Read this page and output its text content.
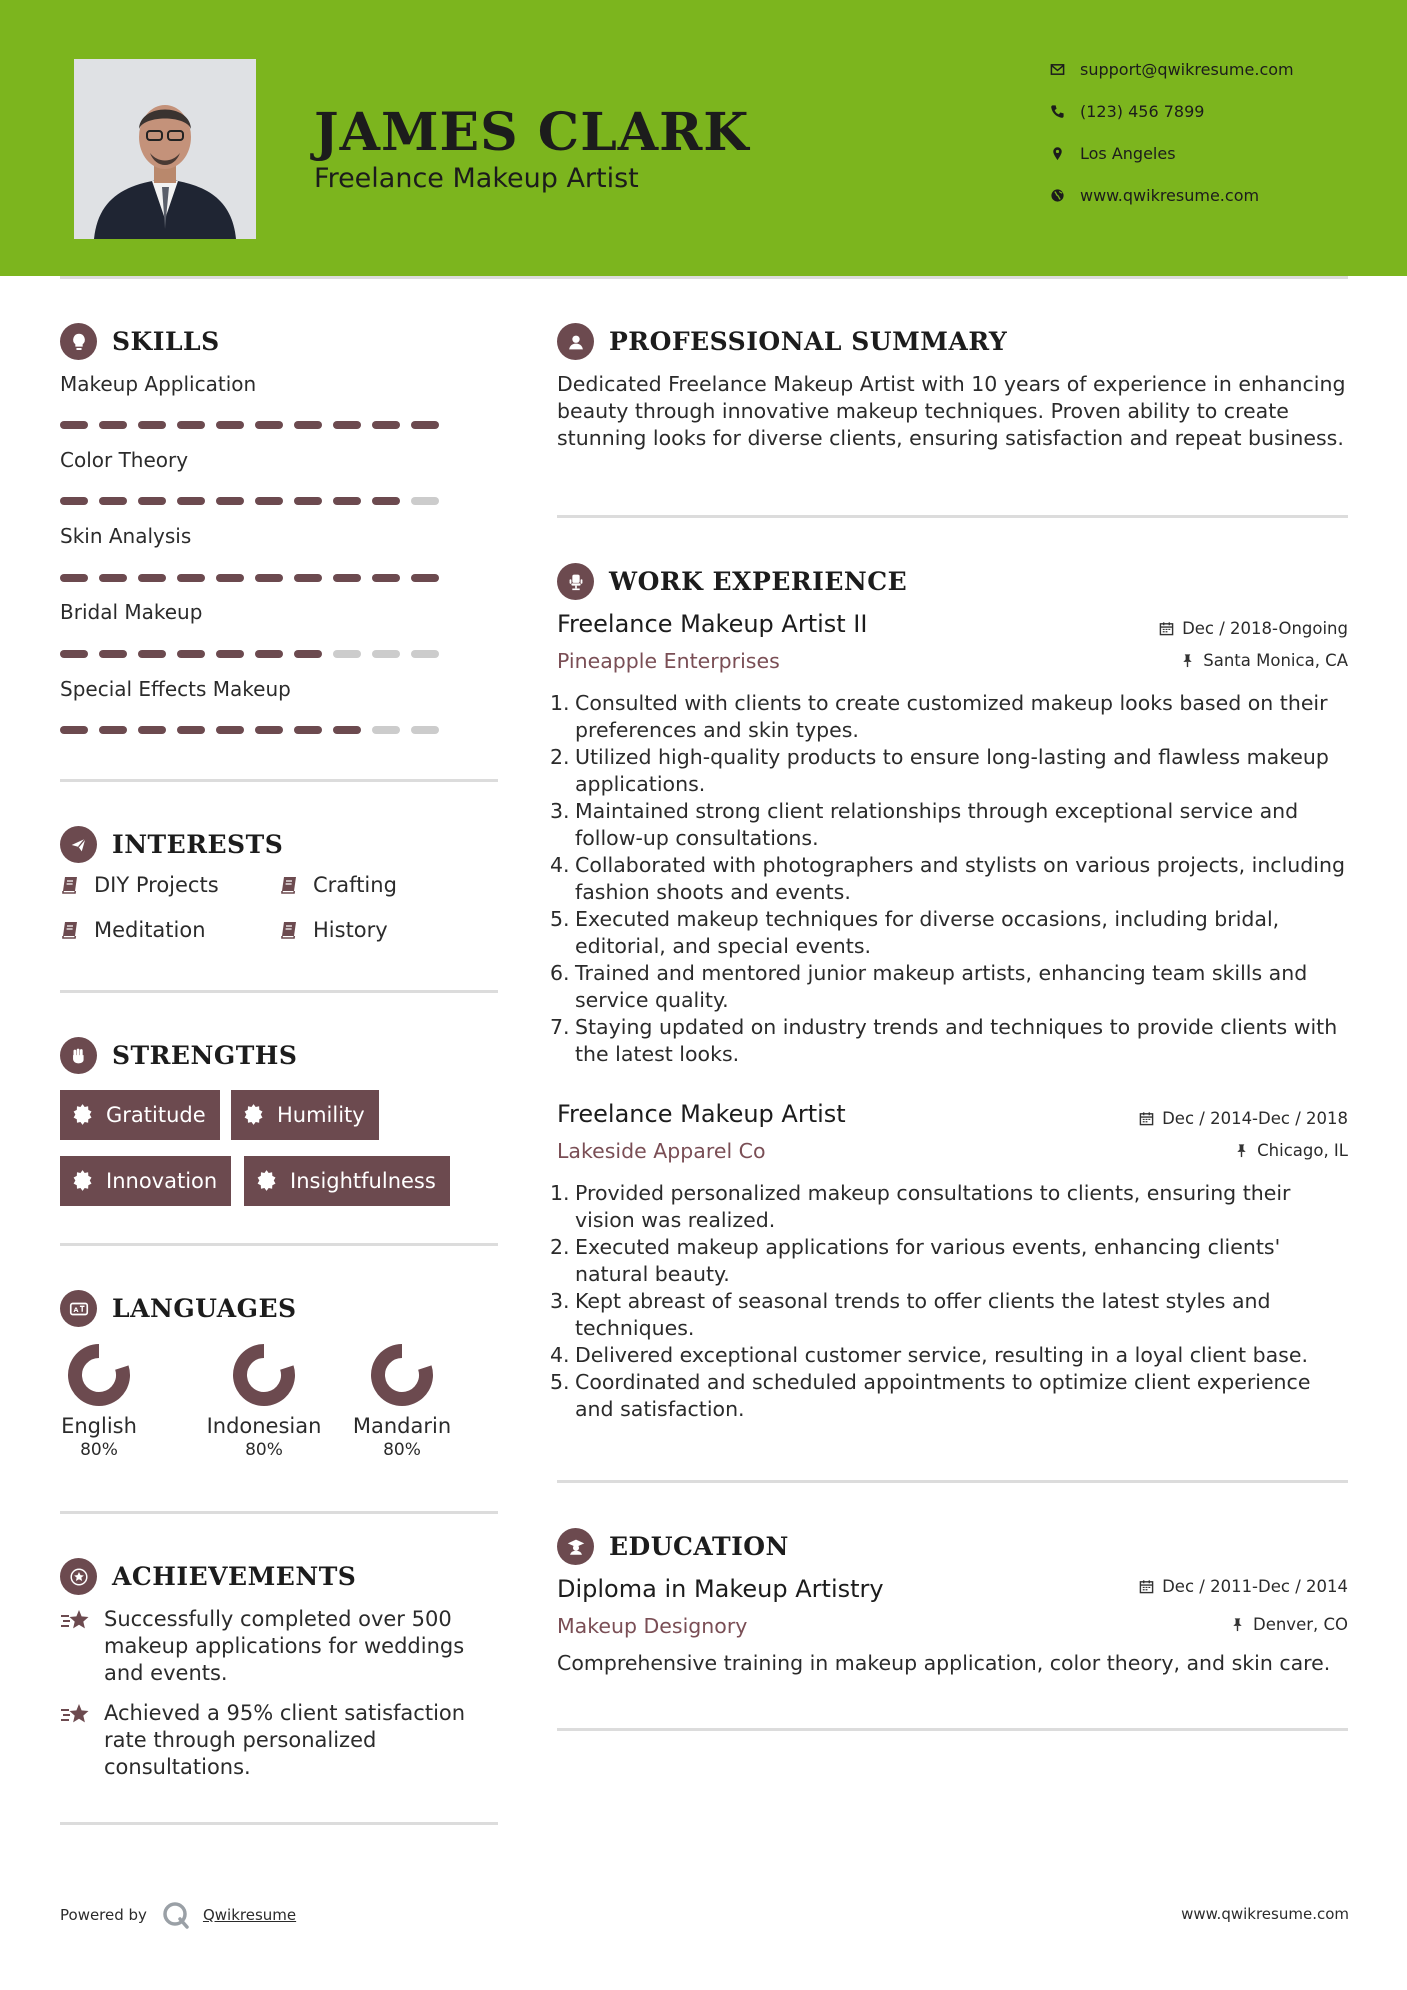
JAMES CLARK
Freelance Makeup Artist
support@qwikresume.com
(123) 456 7899
Los Angeles
www.qwikresume.com
SKILLS
Makeup Application
Color Theory
Skin Analysis
Bridal Makeup
Special Effects Makeup
INTERESTS
DIY Projects	Crafting
Meditation	History
STRENGTHS
Gratitude	Humility
Innovation	Insightfulness
A LANGUAGES
English
80%
Indonesian
80%
Mandarin
80%
ACHIEVEMENTS
Successfully completed over 500 makeup applications for weddings and events.
Achieved a 95% client satisfaction rate through personalized consultations.
PROFESSIONAL SUMMARY
Dedicated Freelance Makeup Artist with 10 years of experience in enhancing beauty through innovative makeup techniques. Proven ability to create stunning looks for diverse clients, ensuring satisfaction and repeat business.
WORK EXPERIENCE
Freelance Makeup Artist II	Dec / 2018-Ongoing
Pineapple Enterprises	Santa Monica, CA
1. Consulted with clients to create customized makeup looks based on their preferences and skin types.
2. Utilized high-quality products to ensure long-lasting and flawless makeup applications.
3. Maintained strong client relationships through exceptional service and follow-up consultations.
4. Collaborated with photographers and stylists on various projects, including fashion shoots and events.
5. Executed makeup techniques for diverse occasions, including bridal, editorial, and special events.
6. Trained and mentored junior makeup artists, enhancing team skills and service quality.
7. Staying updated on industry trends and techniques to provide clients with the latest looks.
Freelance Makeup Artist	Dec / 2014-Dec / 2018
Lakeside Apparel Co	Chicago, IL
1. Provided personalized makeup consultations to clients, ensuring their vision was realized.
2. Executed makeup applications for various events, enhancing clients' natural beauty.
3. Kept abreast of seasonal trends to offer clients the latest styles and techniques.
4. Delivered exceptional customer service, resulting in a loyal client base.
5. Coordinated and scheduled appointments to optimize client experience and satisfaction.
EDUCATION
Diploma in Makeup Artistry	Dec / 2011-Dec / 2014
Makeup Designory	Denver, CO
Comprehensive training in makeup application, color theory, and skin care.
Powered by	Qwikresume	www.qwikresume.com
